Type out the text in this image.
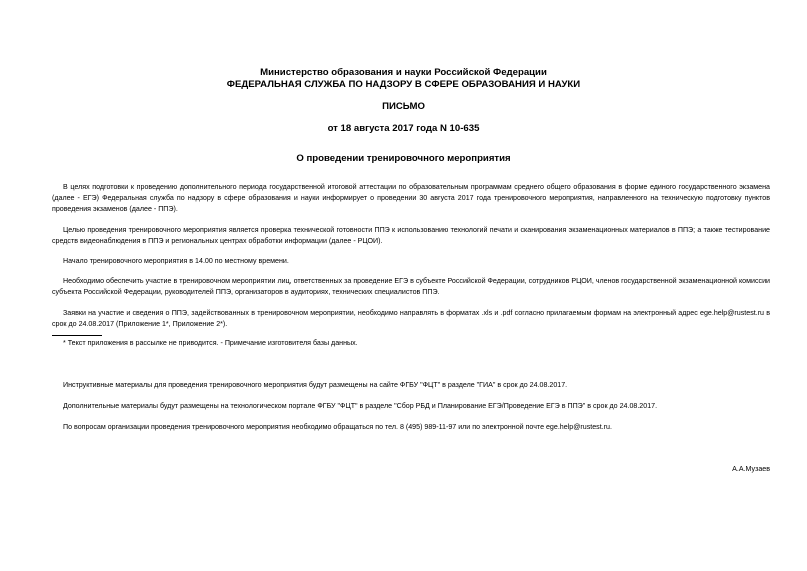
Министерство образования и науки Российской Федерации
ФЕДЕРАЛЬНАЯ СЛУЖБА ПО НАДЗОРУ В СФЕРЕ ОБРАЗОВАНИЯ И НАУКИ
ПИСЬМО
от 18 августа 2017 года N 10-635
О проведении тренировочного мероприятия

В целях подготовки к проведению дополнительного периода государственной итоговой аттестации по образовательным программам среднего общего образования в форме единого государственного экзамена (далее - ЕГЭ) Федеральная служба по надзору в сфере образования и науки информирует о проведении 30 августа 2017 года тренировочного мероприятия, направленного на техническую подготовку пунктов проведения экзаменов (далее - ППЭ).

Целью проведения тренировочного мероприятия является проверка технической готовности ППЭ к использованию технологий печати и сканирования экзаменационных материалов в ППЭ; а также тестирование средств видеонаблюдения в ППЭ и региональных центрах обработки информации (далее - РЦОИ).

Начало тренировочного мероприятия в 14.00 по местному времени.

Необходимо обеспечить участие в тренировочном мероприятии лиц, ответственных за проведение ЕГЭ в субъекте Российской Федерации, сотрудников РЦОИ, членов государственной экзаменационной комиссии субъекта Российской Федерации, руководителей ППЭ, организаторов в аудиториях, технических специалистов ППЭ.

Заявки на участие и сведения о ППЭ, задействованных в тренировочном мероприятии, необходимо направлять в форматах .xls и .pdf согласно прилагаемым формам на электронный адрес ege.help@rustest.ru в срок до 24.08.2017 (Приложение 1*, Приложение 2*).

* Текст приложения в рассылке не приводится. - Примечание изготовителя базы данных.

Инструктивные материалы для проведения тренировочного мероприятия будут размещены на сайте ФГБУ "ФЦТ" в разделе "ГИА" в срок до 24.08.2017.

Дополнительные материалы будут размещены на технологическом портале ФГБУ "ФЦТ" в разделе "Сбор РБД и Планирование ЕГЭ/Проведение ЕГЭ в ППЭ" в срок до 24.08.2017.

По вопросам организации проведения тренировочного мероприятия необходимо обращаться по тел. 8 (495) 989-11-97 или по электронной почте ege.help@rustest.ru.

А.А.Музаев
